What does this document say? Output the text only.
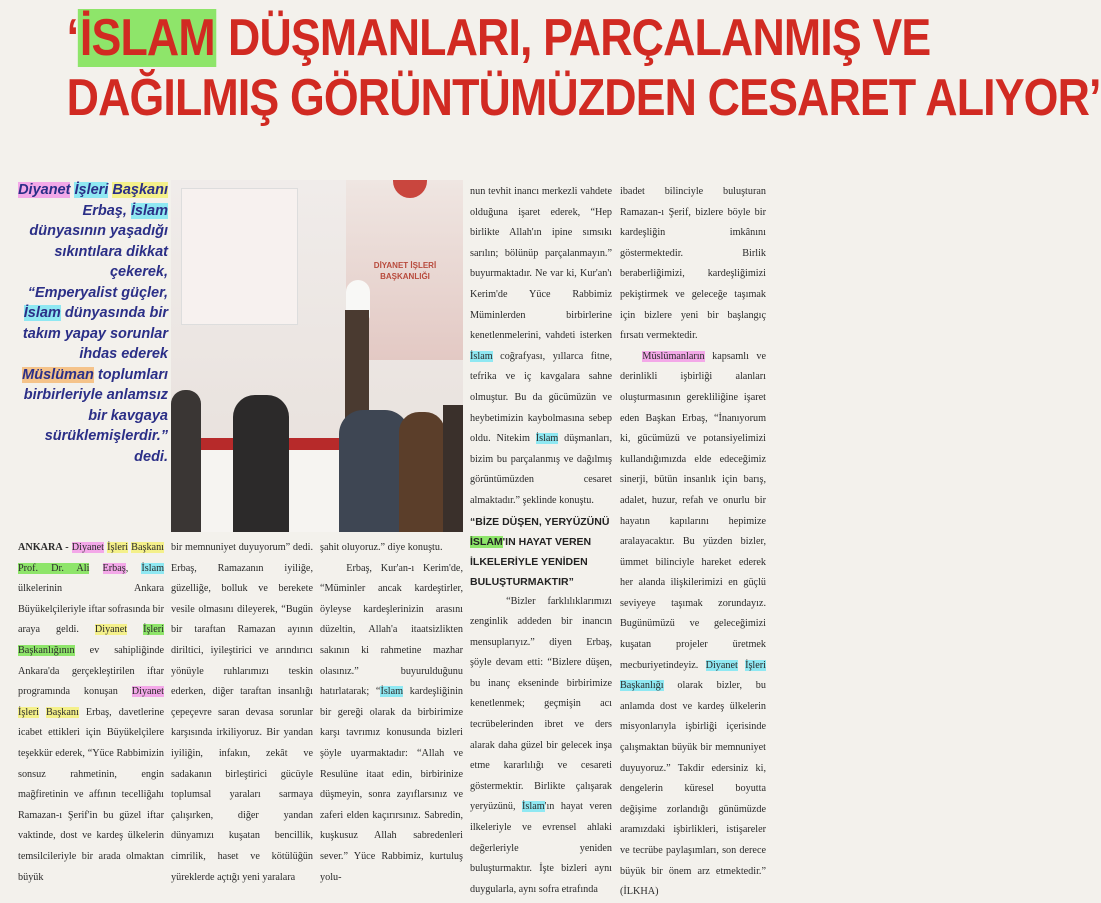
‘İSLAM DÜŞMANLARI, PARÇALANMIŞ VE
DAĞILMIŞ GÖRÜNTÜMÜZDEN CESARET ALIYOR’
Diyanet İşleri Başkanı Erbaş, İslam dünyasının yaşadığı sıkıntılara dikkat çekerek, “Emperyalist güçler, İslam dünyasında bir takım yapay sorunlar ihdas ederek Müslüman toplumları birbirleriyle anlamsız bir kavgaya sürüklemişlerdir.” dedi.
DİYANET İŞLERİ BAŞKANLIĞI

ANKARA - Diyanet İşleri Başkanı Prof. Dr. Ali Erbaş, İslam ülkelerinin Ankara Büyükelçileriyle iftar sofrasında bir araya geldi. Diyanet İşleri Başkanlığının ev sahipliğinde Ankara'da gerçekleştirilen iftar programında konuşan Diyanet İşleri Başkanı Erbaş, davetlerine icabet ettikleri için Büyükelçilere teşekkür ederek, “Yüce Rabbimizin sonsuz rahmetinin, engin mağfiretinin ve affının tecelliğahı Ramazan-ı Şerif'in bu güzel iftar vaktinde, dost ve kardeş ülkelerin temsilcileriyle bir arada olmaktan büyük

bir memnuniyet duyuyorum” dedi. Erbaş, Ramazanın iyiliğe, güzelliğe, bolluk ve berekete vesile olmasını dileyerek, “Bugün bir taraftan Ramazan ayının diriltici, iyileştirici ve arındırıcı yönüyle ruhlarımızı teskin ederken, diğer taraftan insanlığı çepeçevre saran devasa sorunlar karşısında irkiliyoruz. Bir yandan iyiliğin, infakın, zekât ve sadakanın birleştirici gücüyle toplumsal yaraları sarmaya çalışırken, diğer yandan dünyamızı kuşatan bencillik, cimrilik, haset ve kötülüğün yüreklerde açtığı yeni yaralara

şahit oluyoruz.” diye konuştu.

Erbaş, Kur'an-ı Kerim'de, “Müminler ancak kardeştirler, öyleyse kardeşlerinizin arasını düzeltin, Allah'a itaatsizlikten sakının ki rahmetine mazhar olasınız.” buyurulduğunu hatırlatarak; “İslam kardeşliğinin bir gereği olarak da birbirimize karşı tavrımız konusunda bizleri şöyle uyarmaktadır: “Allah ve Resulüne itaat edin, birbirinize düşmeyin, sonra zayıflarsınız ve zaferi elden kaçırırsınız. Sabredin, kuşkusuz Allah sabredenleri sever.” Yüce Rabbimiz, kurtuluş yolu-

nun tevhit inancı merkezli vahdete olduğuna işaret ederek, “Hep birlikte Allah'ın ipine sımsıkı sarılın; bölünüp parçalanmayın.” buyurmaktadır. Ne var ki, Kur'an'ı Kerim'de Yüce Rabbimiz Müminlerden birbirlerine kenetlenmelerini, vahdeti isterken İslam coğrafyası, yıllarca fitne, tefrika ve iç kavgalara sahne olmuştur. Bu da gücümüzün ve heybetimizin kaybolmasına sebep oldu. Nitekim İslam düşmanları, bizim bu parçalanmış ve dağılmış görüntümüzden cesaret almaktadır.” şeklinde konuştu.

“BİZE DÜŞEN, YERYÜZÜNÜ İSLAM'IN HAYAT VEREN İLKELERİYLE YENİDEN BULUŞTURMAKTIR”

“Bizler farklılıklarımızı zenginlik addeden bir inancın mensuplarıyız.” diyen Erbaş, şöyle devam etti: “Bizlere düşen, bu inanç ekseninde birbirimize kenetlenmek; geçmişin acı tecrübelerinden ibret ve ders alarak daha güzel bir gelecek inşa etme kararlılığı ve cesareti göstermektir. Birlikte çalışarak yeryüzünü, İslam'ın hayat veren ilkeleriyle ve evrensel ahlaki değerleriyle yeniden buluşturmaktır. İşte bizleri aynı duygularla, aynı sofra etrafında

ibadet bilinciyle buluşturan Ramazan-ı Şerif, bizlere böyle bir kardeşliğin imkânını göstermektedir. Birlik beraberliğimizi, kardeşliğimizi pekiştirmek ve geleceğe taşımak için bizlere yeni bir başlangıç fırsatı vermektedir.

Müslümanların kapsamlı ve derinlikli işbirliği alanları oluşturmasının gerekliliğine işaret eden Başkan Erbaş, “İnanıyorum ki, gücümüzü ve potansiyelimizi kullandığımızda elde edeceğimiz sinerji, bütün insanlık için barış, adalet, huzur, refah ve onurlu bir hayatın kapılarını hepimize aralayacaktır. Bu yüzden bizler, ümmet bilinciyle hareket ederek her alanda ilişkilerimizi en güçlü seviyeye taşımak zorundayız. Bugünümüzü ve geleceğimizi kuşatan projeler üretmek mecburiyetindeyiz. Diyanet İşleri Başkanlığı olarak bizler, bu anlamda dost ve kardeş ülkelerin misyonlarıyla işbirliği içerisinde çalışmaktan büyük bir memnuniyet duyuyoruz.” Takdir edersiniz ki, dengelerin küresel boyutta değişime zorlandığı günümüzde aramızdaki işbirlikleri, istişareler ve tecrübe paylaşımları, son derece büyük bir önem arz etmektedir.” (İLKHA)
